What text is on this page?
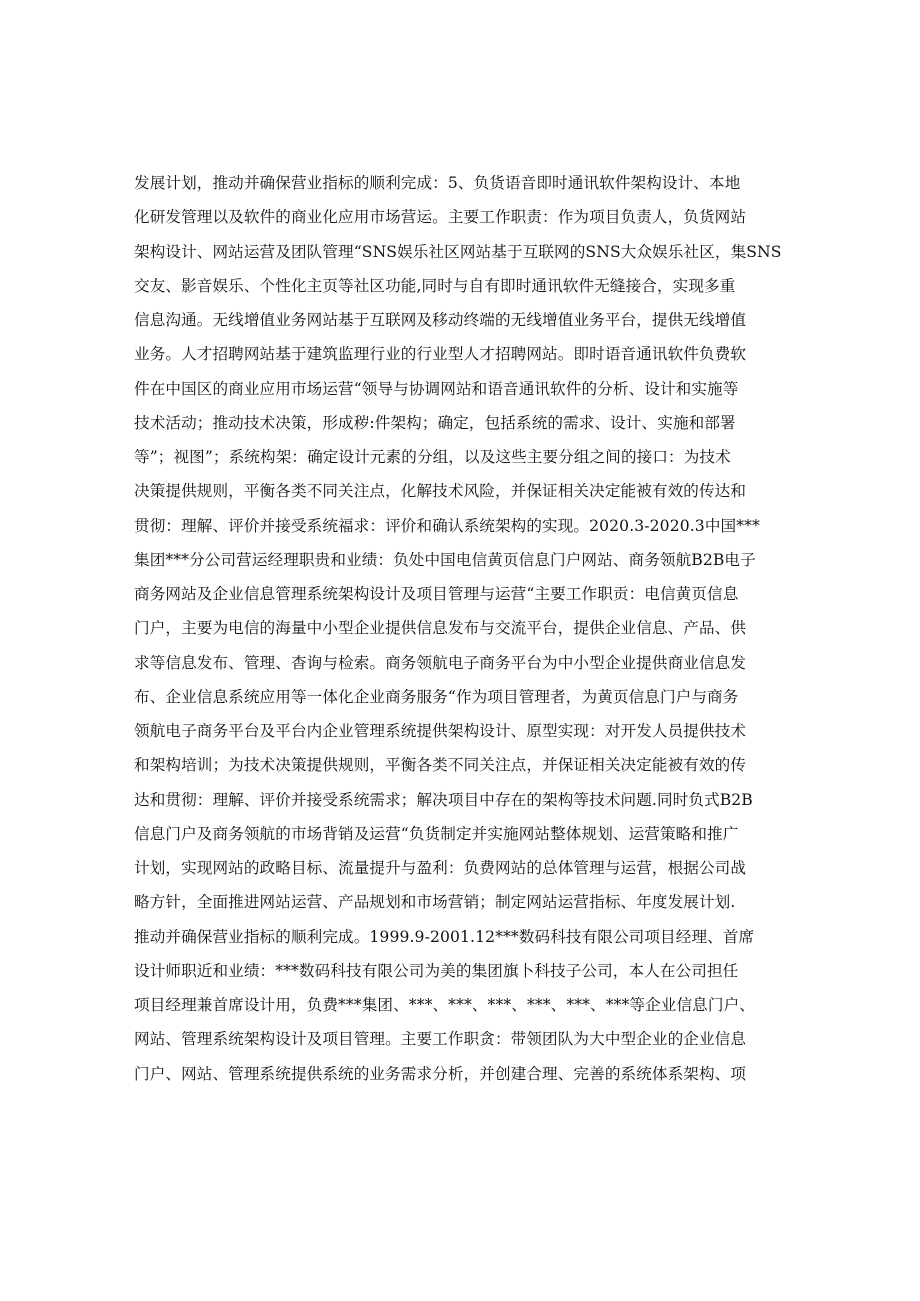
发展计划，推动并确保营业指标的顺利完成：5、负货语音即时通讯软件架构设计、本地
化研发管理以及软件的商业化应用市场营运。主要工作职责：作为项目负责人，负货网站
架构设计、网站运营及团队管理“SNS娱乐社区网站基于互联网的SNS大众娱乐社区，集SNS
交友、影音娱乐、个性化主页等社区功能,同时与自有即时通讯软件无缝接合，实现多重
信息沟通。无线增值业务网站基于互联网及移动终端的无线增值业务平台，提供无线增值
业务。人才招聘网站基于建筑监理行业的行业型人才招聘网站。即时语音通讯软件负费软
件在中国区的商业应用市场运营“领导与协调网站和语音通讯软件的分析、设计和实施等
技术活动；推动技术决策，形成秽:件架构；确定，包括系统的需求、设计、实施和部署
等”；视图”；系统构架：确定设计元素的分组，以及这些主要分组之间的接口：为技术
决策提供规则，平衡各类不同关注点，化解技术风险，并保证相关决定能被有效的传达和
贯彻：理解、评价并接受系统福求：评价和确认系统架构的实现。2020.3-2020.3中国***
集团***分公司营运经理职贵和业绩：负处中国电信黄页信息门户网站、商务领航B2B电子
商务网站及企业信息管理系统架构设计及项目管理与运营“主要工作职贡：电信黄页信息
门户，主要为电信的海量中小型企业提供信息发布与交流平台，提供企业信息、产品、供
求等信息发布、管理、杳询与检索。商务领航电子商务平台为中小型企业提供商业信息发
布、企业信息系统应用等一体化企业商务服务“作为项目管理者，为黄页信息门户与商务
领航电子商务平台及平台内企业管理系统提供架构设计、原型实现：对开发人员提供技术
和架构培训；为技术决策提供规则，平衡各类不同关注点，并保证相关决定能被有效的传
达和贯彻：理解、评价并接受系统需求；解决项目中存在的架构等技术问题.同时负式B2B
信息门户及商务领航的市场背销及运营“负货制定并实施网站整体规划、运营策略和推广
计划，实现网站的政略目标、流量提升与盈利：负费网站的总体管理与运营，根据公司战
略方针，全面推进网站运营、产品规划和市场营销；制定网站运营指标、年度发展计划.
推动并确保营业指标的顺利完成。1999.9-2001.12***数码科技有限公司项目经理、首席
设计师职近和业绩：***数码科技有限公司为美的集团旗卜科技子公司，本人在公司担任
项目经理兼首席设计用，负费***集团、***、***、***、***、***、***等企业信息门户、
网站、管理系统架构设计及项目管理。主要工作职贪：带领团队为大中型企业的企业信息
门户、网站、管理系统提供系统的业务需求分析，并创建合理、完善的系统体系架构、项
